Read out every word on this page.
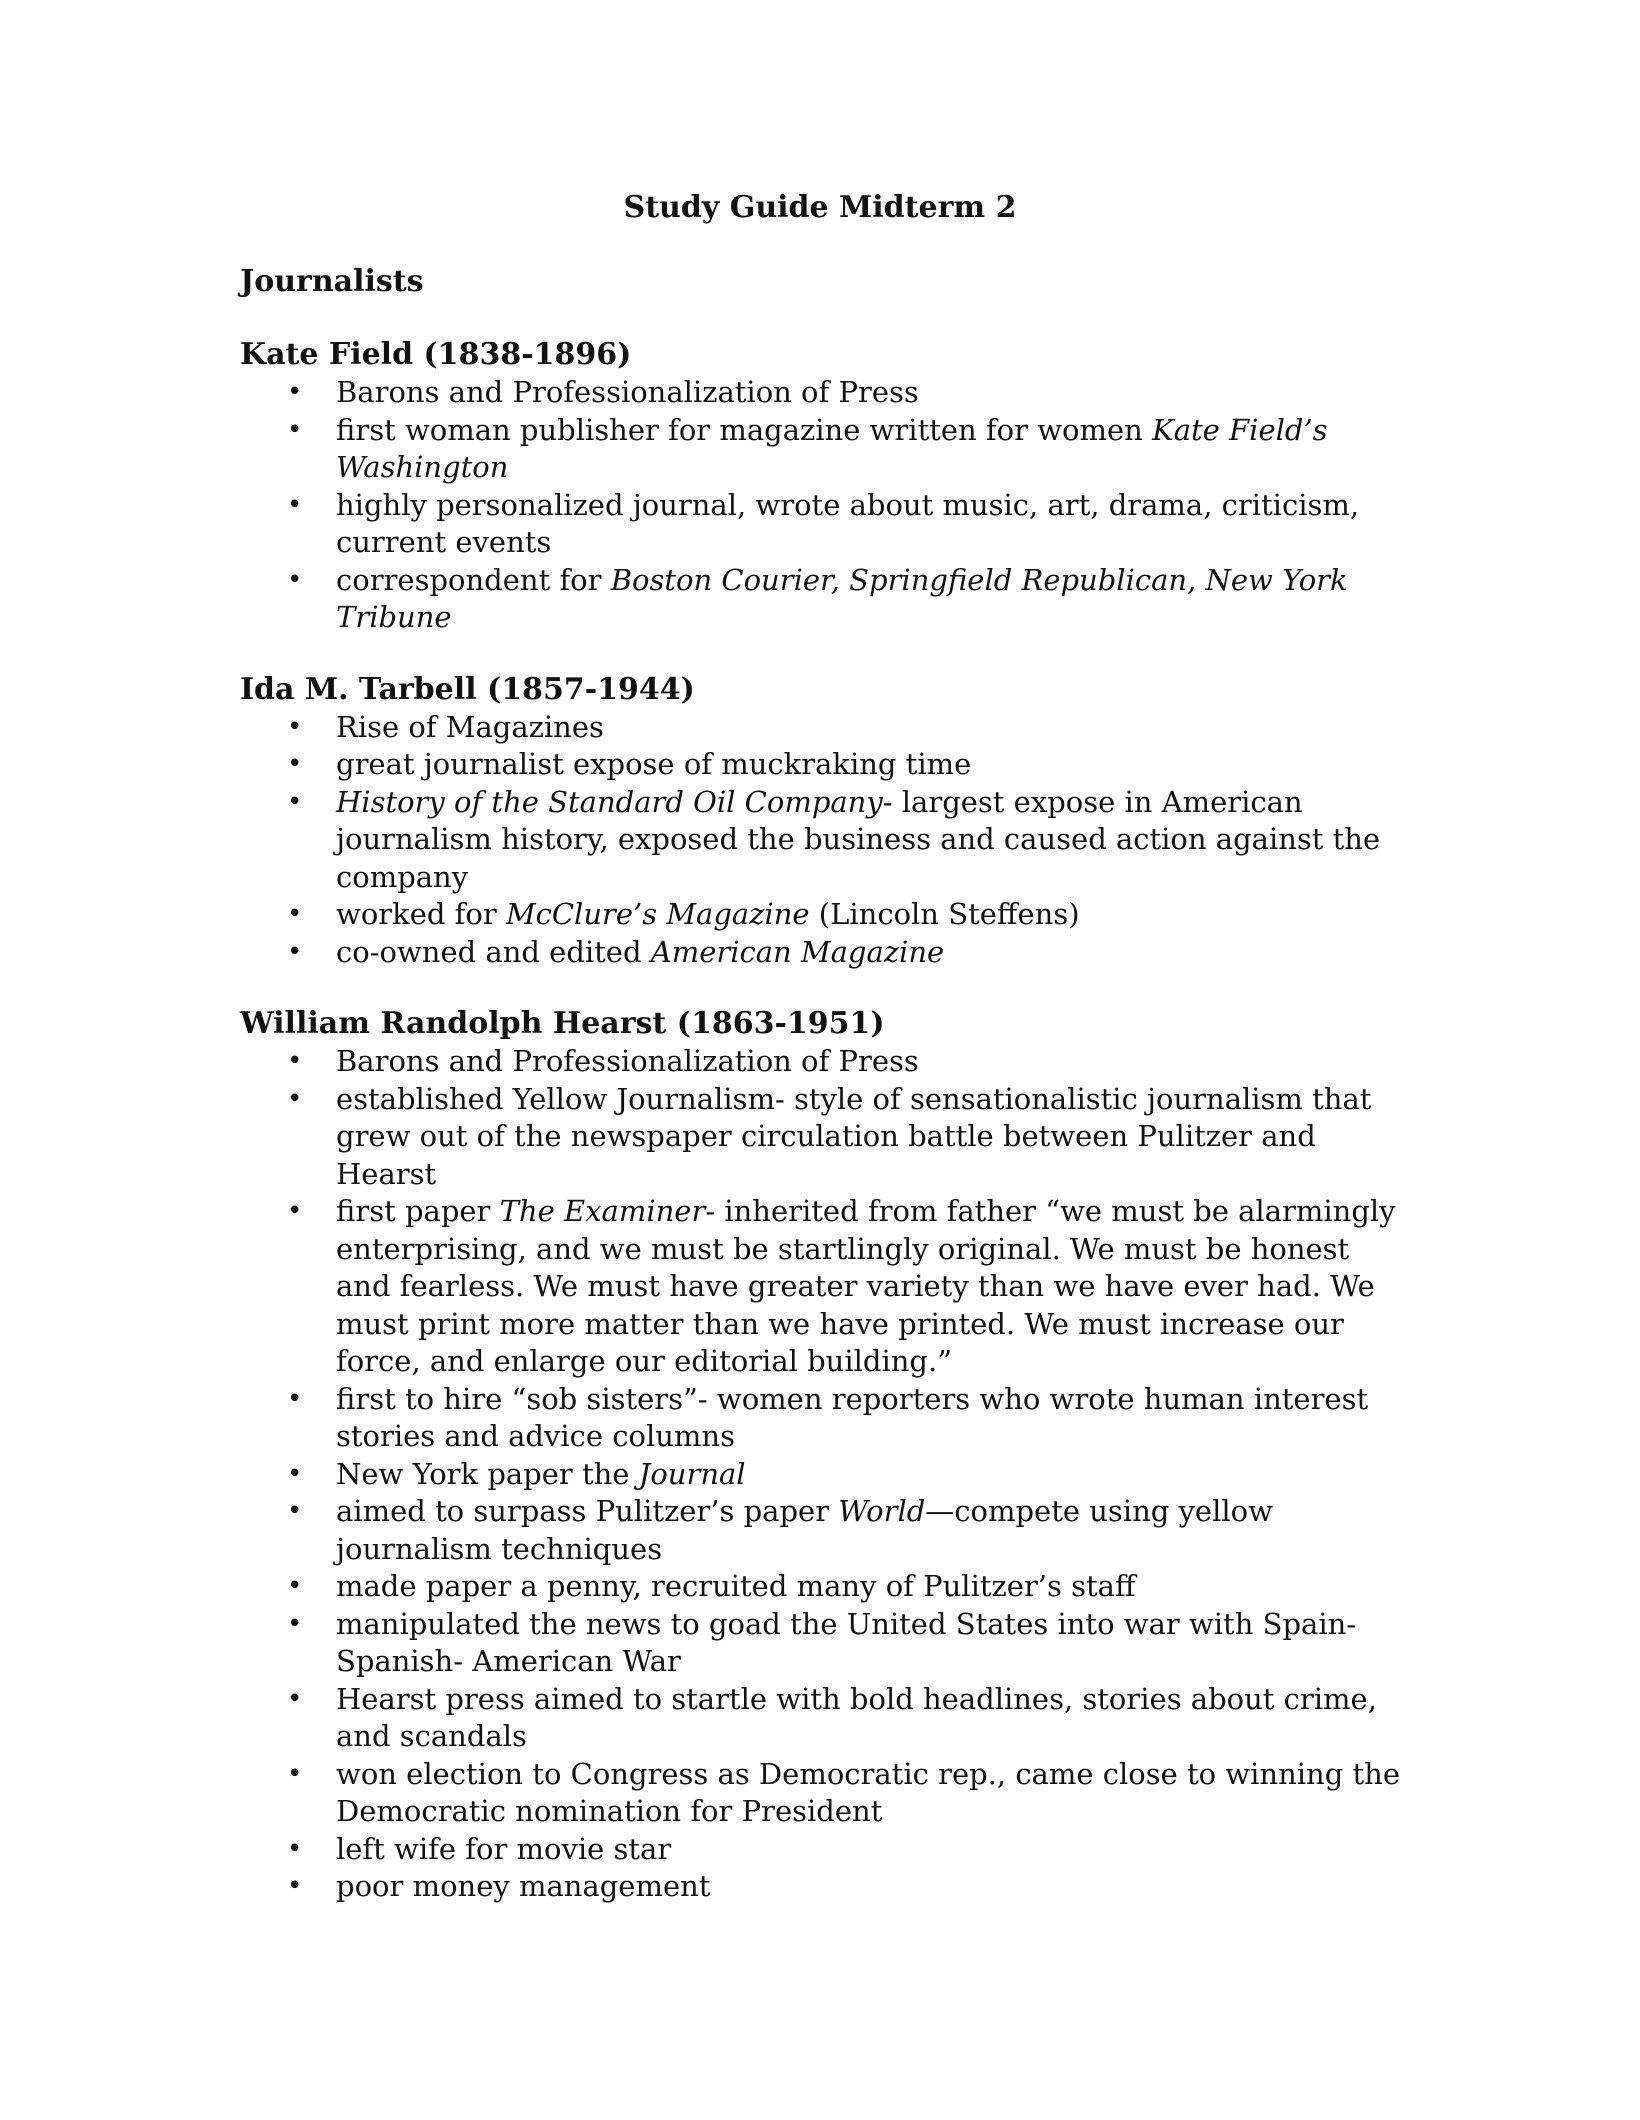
Study Guide Midterm 2
Journalists
Kate Field (1838-1896)
• Barons and Professionalization of Press
• first woman publisher for magazine written for women Kate Field’s Washington
• highly personalized journal, wrote about music, art, drama, criticism, current events
• correspondent for Boston Courier, Springfield Republican, New York Tribune
Ida M. Tarbell (1857-1944)
• Rise of Magazines
• great journalist expose of muckraking time
• History of the Standard Oil Company- largest expose in American journalism history, exposed the business and caused action against the company
• worked for McClure’s Magazine (Lincoln Steffens)
• co-owned and edited American Magazine
William Randolph Hearst (1863-1951)
• Barons and Professionalization of Press
• established Yellow Journalism- style of sensationalistic journalism that grew out of the newspaper circulation battle between Pulitzer and Hearst
• first paper The Examiner- inherited from father “we must be alarmingly enterprising, and we must be startlingly original. We must be honest and fearless. We must have greater variety than we have ever had. We must print more matter than we have printed. We must increase our force, and enlarge our editorial building.”
• first to hire “sob sisters”- women reporters who wrote human interest stories and advice columns
• New York paper the Journal
• aimed to surpass Pulitzer’s paper World—compete using yellow journalism techniques
• made paper a penny, recruited many of Pulitzer’s staff
• manipulated the news to goad the United States into war with Spain- Spanish- American War
• Hearst press aimed to startle with bold headlines, stories about crime, and scandals
• won election to Congress as Democratic rep., came close to winning the Democratic nomination for President
• left wife for movie star
• poor money management
